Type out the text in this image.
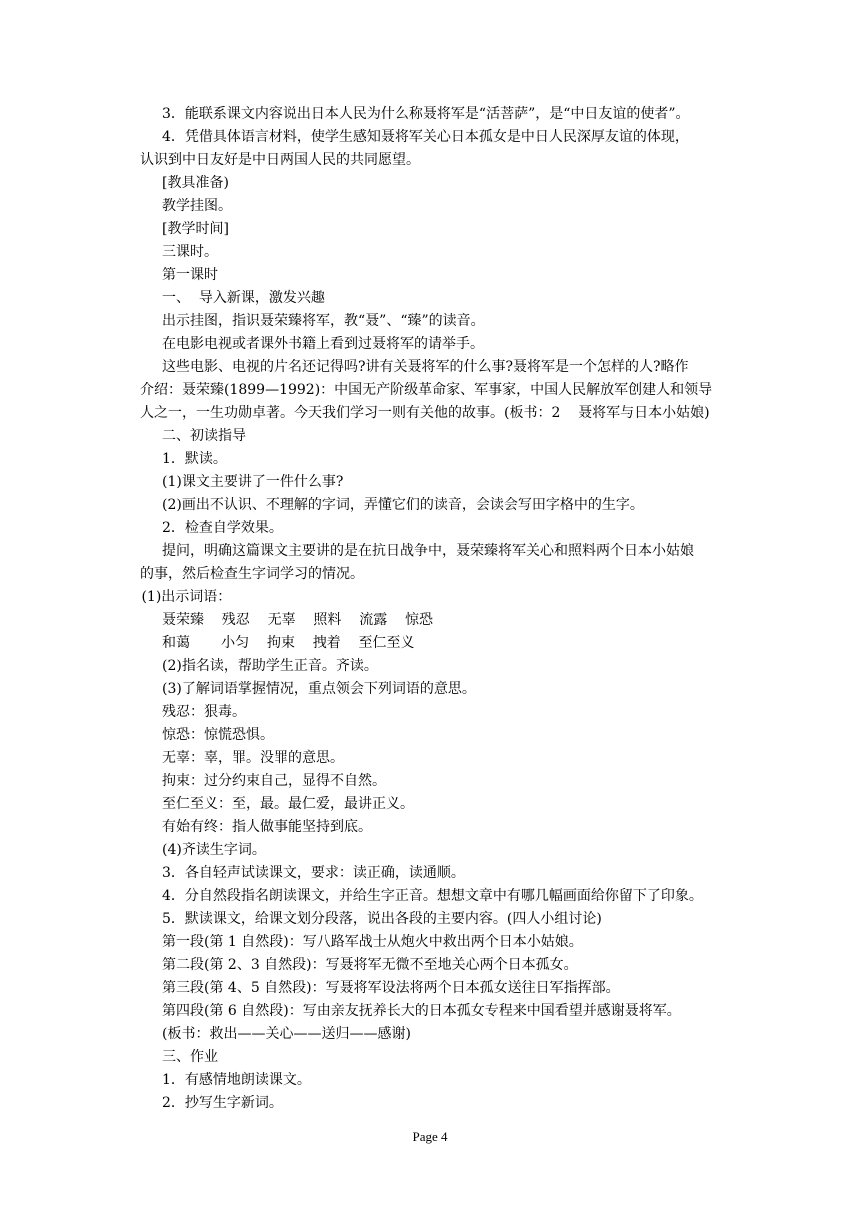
3．能联系课文内容说出日本人民为什么称聂将军是“活菩萨”，是“中日友谊的使者”。
4．凭借具体语言材料，使学生感知聂将军关心日本孤女是中日人民深厚友谊的体现，
认识到中日友好是中日两国人民的共同愿望。
[教具准备)
教学挂图。
[教学时间]
三课时。
第一课时
一、  导入新课，激发兴趣
出示挂图，指识聂荣臻将军，教“聂”、“臻”的读音。
在电影电视或者课外书籍上看到过聂将军的请举手。
这些电影、电视的片名还记得吗?讲有关聂将军的什么事?聂将军是一个怎样的人?略作
介绍：聂荣臻(1899—1992)：中国无产阶级革命家、军事家，中国人民解放军创建人和领导
人之一，一生功勋卓著。今天我们学习一则有关他的故事。(板书：2    聂将军与日本小姑娘)
二、初读指导
1．默读。
(1)课文主要讲了一件什么事?
(2)画出不认识、不理解的字词，弄懂它们的读音，会读会写田字格中的生字。
2．检查自学效果。
提问，明确这篇课文主要讲的是在抗日战争中，聂荣臻将军关心和照料两个日本小姑娘
的事，然后检查生字词学习的情况。
(1)出示词语：
聂荣臻    残忍    无辜    照料    流露    惊恐
和蔼       小匀    拘束    拽着    至仁至义
(2)指名读，帮助学生正音。齐读。
(3)了解词语掌握情况，重点领会下列词语的意思。
残忍：狠毒。
惊恐：惊慌恐惧。
无辜：辜，罪。没罪的意思。
拘束：过分约束自己，显得不自然。
至仁至义：至，最。最仁爱，最讲正义。
有始有终：指人做事能坚持到底。
(4)齐读生字词。
3．各自轻声试读课文，要求：读正确，读通顺。
4．分自然段指名朗读课文，并给生字正音。想想文章中有哪几幅画面给你留下了印象。
5．默读课文，给课文划分段落，说出各段的主要内容。(四人小组讨论)
第一段(第 1 自然段)：写八路军战士从炮火中救出两个日本小姑娘。
第二段(第 2、3 自然段)：写聂将军无微不至地关心两个日本孤女。
第三段(第 4、5 自然段)：写聂将军设法将两个日本孤女送往日军指挥部。
第四段(第 6 自然段)：写由亲友抚养长大的日本孤女专程来中国看望并感谢聂将军。
(板书：救出——关心——送归——感谢)
三、作业
1．有感情地朗读课文。
2．抄写生字新词。
Page 4
